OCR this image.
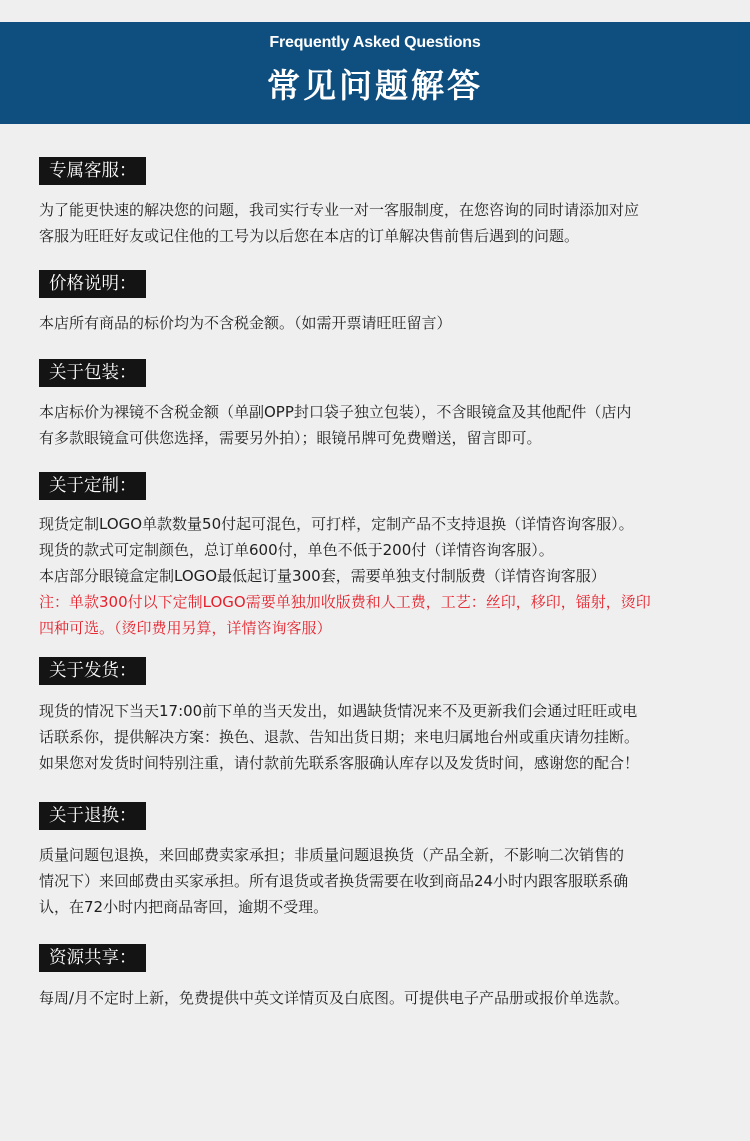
Frequently Asked Questions
常见问题解答
专属客服：
为了能更快速的解决您的问题，我司实行专业一对一客服制度，在您咨询的同时请添加对应
客服为旺旺好友或记住他的工号为以后您在本店的订单解决售前售后遇到的问题。
价格说明：
本店所有商品的标价均为不含税金额。（如需开票请旺旺留言）
关于包装：
本店标价为裸镜不含税金额（单副OPP封口袋子独立包装），不含眼镜盒及其他配件（店内
有多款眼镜盒可供您选择，需要另外拍）；眼镜吊牌可免费赠送，留言即可。
关于定制：
现货定制LOGO单款数量50付起可混色，可打样，定制产品不支持退换（详情咨询客服）。
现货的款式可定制颜色，总订单600付，单色不低于200付（详情咨询客服）。
本店部分眼镜盒定制LOGO最低起订量300套，需要单独支付制版费（详情咨询客服）
注：单款300付以下定制LOGO需要单独加收版费和人工费，工艺：丝印，移印，镭射，烫印
四种可选。（烫印费用另算，详情咨询客服）
关于发货：
现货的情况下当天17:00前下单的当天发出，如遇缺货情况来不及更新我们会通过旺旺或电
话联系你，提供解决方案：换色、退款、告知出货日期；来电归属地台州或重庆请勿挂断。
如果您对发货时间特别注重，请付款前先联系客服确认库存以及发货时间，感谢您的配合！
关于退换：
质量问题包退换，来回邮费卖家承担；非质量问题退换货（产品全新，不影响二次销售的
情况下）来回邮费由买家承担。所有退货或者换货需要在收到商品24小时内跟客服联系确
认，在72小时内把商品寄回，逾期不受理。
资源共享：
每周/月不定时上新，免费提供中英文详情页及白底图。可提供电子产品册或报价单选款。
